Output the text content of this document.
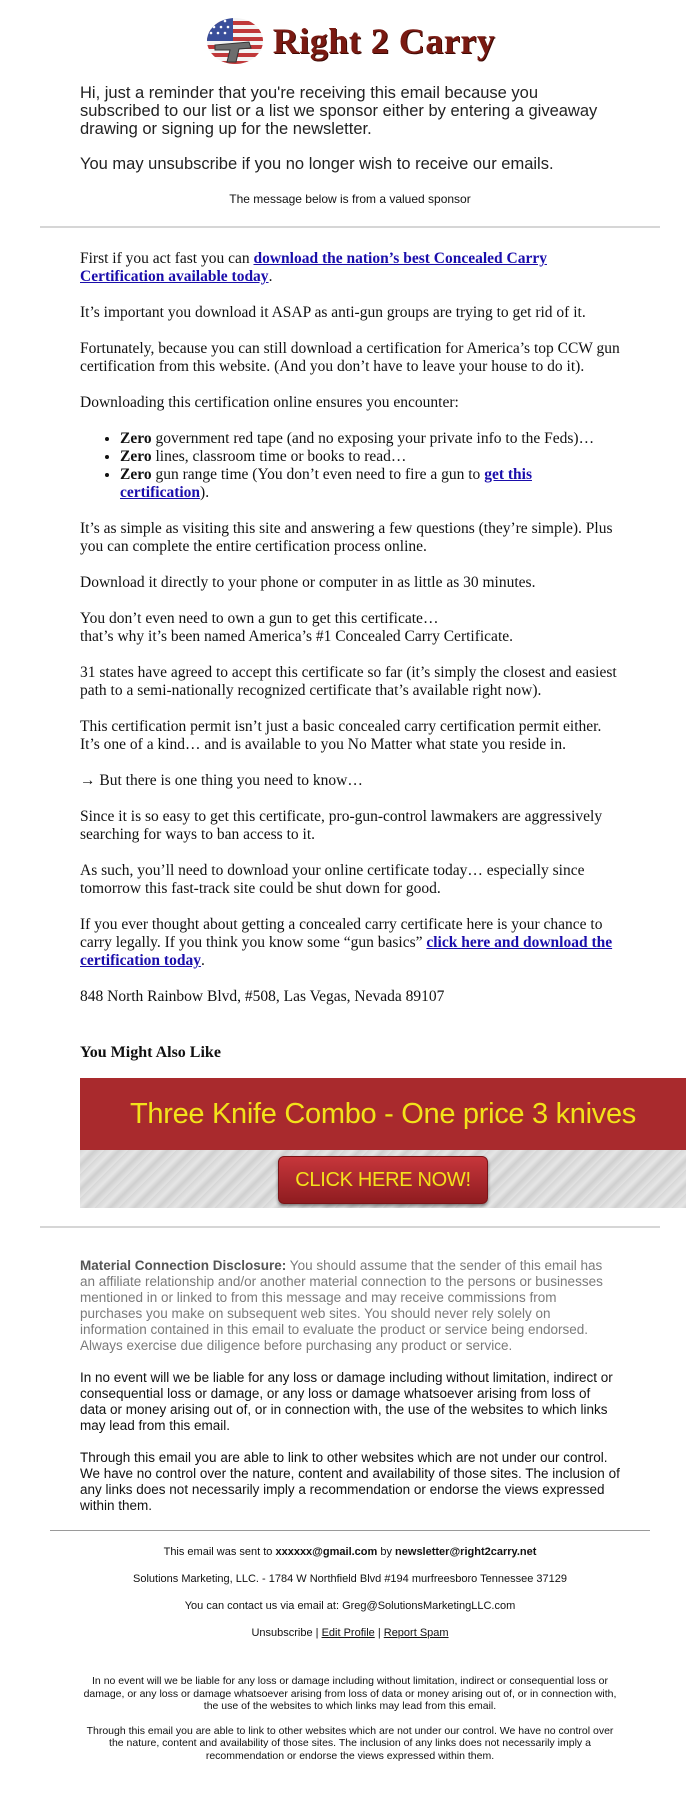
Right 2 Carry

Hi, just a reminder that you're receiving this email because you subscribed to our list or a list we sponsor either by entering a giveaway drawing or signing up for the newsletter.

You may unsubscribe if you no longer wish to receive our emails.

The message below is from a valued sponsor

First if you act fast you can download the nation’s best Concealed Carry Certification available today.

It’s important you download it ASAP as anti-gun groups are trying to get rid of it.

Fortunately, because you can still download a certification for America’s top CCW gun certification from this website. (And you don’t have to leave your house to do it).

Downloading this certification online ensures you encounter:

• Zero government red tape (and no exposing your private info to the Feds)…
• Zero lines, classroom time or books to read…
• Zero gun range time (You don’t even need to fire a gun to get this certification).

It’s as simple as visiting this site and answering a few questions (they’re simple). Plus you can complete the entire certification process online.

Download it directly to your phone or computer in as little as 30 minutes.

You don’t even need to own a gun to get this certificate…
that’s why it’s been named America’s #1 Concealed Carry Certificate.

31 states have agreed to accept this certificate so far (it’s simply the closest and easiest path to a semi-nationally recognized certificate that’s available right now).

This certification permit isn’t just a basic concealed carry certification permit either. It’s one of a kind… and is available to you No Matter what state you reside in.

→ But there is one thing you need to know…

Since it is so easy to get this certificate, pro-gun-control lawmakers are aggressively searching for ways to ban access to it.

As such, you’ll need to download your online certificate today… especially since tomorrow this fast-track site could be shut down for good.

If you ever thought about getting a concealed carry certificate here is your chance to carry legally. If you think you know some “gun basics” click here and download the certification today.

848 North Rainbow Blvd, #508, Las Vegas, Nevada 89107

You Might Also Like
Three Knife Combo - One price 3 knives
CLICK HERE NOW!

Material Connection Disclosure: You should assume that the sender of this email has an affiliate relationship and/or another material connection to the persons or businesses mentioned in or linked to from this message and may receive commissions from purchases you make on subsequent web sites. You should never rely solely on information contained in this email to evaluate the product or service being endorsed. Always exercise due diligence before purchasing any product or service.

In no event will we be liable for any loss or damage including without limitation, indirect or consequential loss or damage, or any loss or damage whatsoever arising from loss of data or money arising out of, or in connection with, the use of the websites to which links may lead from this email.

Through this email you are able to link to other websites which are not under our control. We have no control over the nature, content and availability of those sites. The inclusion of any links does not necessarily imply a recommendation or endorse the views expressed within them.

This email was sent to xxxxxx@gmail.com by newsletter@right2carry.net

Solutions Marketing, LLC. - 1784 W Northfield Blvd #194 murfreesboro Tennessee 37129

You can contact us via email at: Greg@SolutionsMarketingLLC.com

Unsubscribe | Edit Profile | Report Spam

In no event will we be liable for any loss or damage including without limitation, indirect or consequential loss or damage, or any loss or damage whatsoever arising from loss of data or money arising out of, or in connection with, the use of the websites to which links may lead from this email.

Through this email you are able to link to other websites which are not under our control. We have no control over the nature, content and availability of those sites. The inclusion of any links does not necessarily imply a recommendation or endorse the views expressed within them.
